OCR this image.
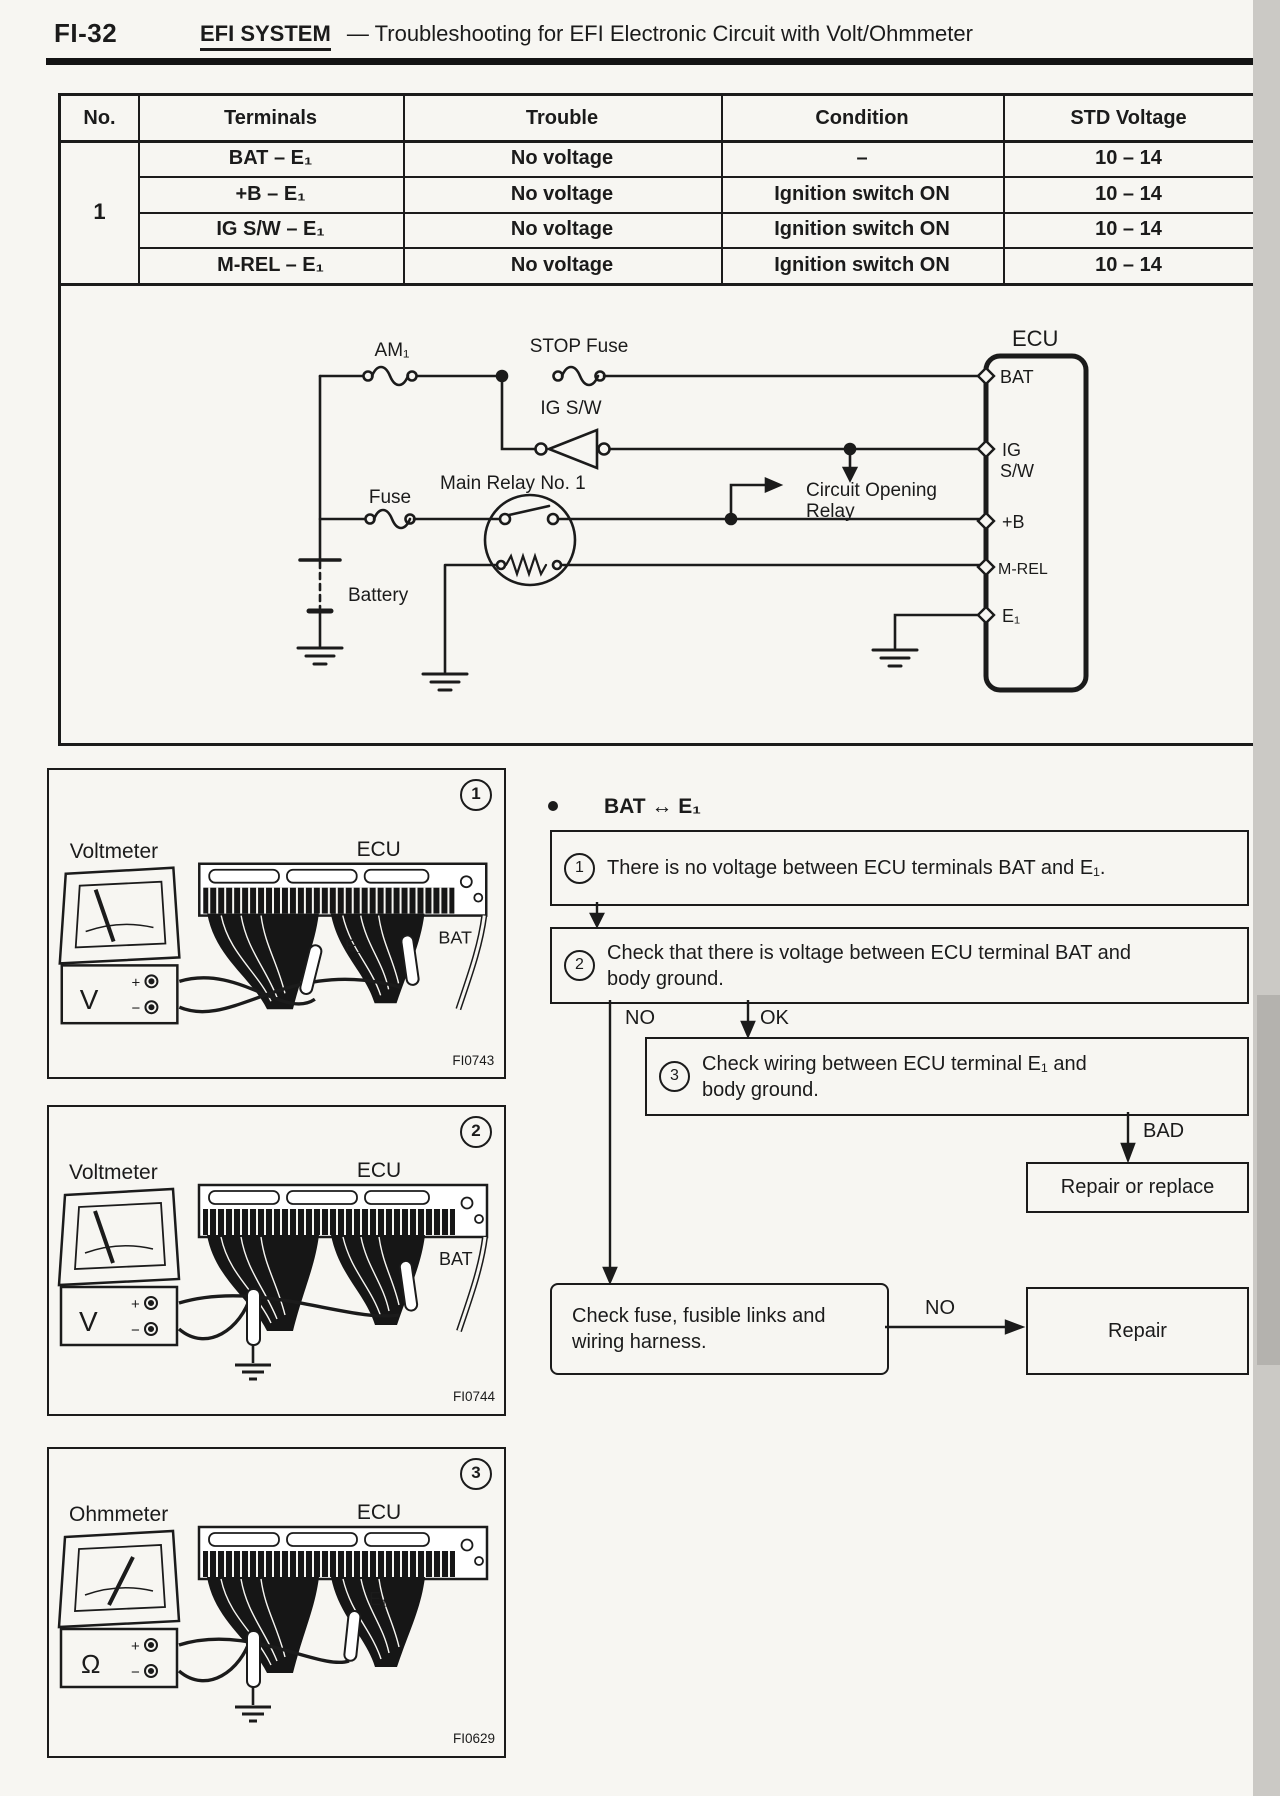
FI-32	EFI SYSTEM — Troubleshooting for EFI Electronic Circuit with Volt/Ohmmeter
No.	Terminals	Trouble	Condition	STD Voltage
1
BAT – E₁	No voltage	–	10 – 14
+B – E₁	No voltage	Ignition switch ON	10 – 14
IG S/W – E₁	No voltage	Ignition switch ON	10 – 14
M-REL – E₁	No voltage	Ignition switch ON	10 – 14
AM₁	STOP Fuse
IG S/W
Main Relay No. 1
Fuse
Battery
Circuit Opening
Relay
ECU
BAT
IG
S/W
+B
M-REL
E₁
BAT ↔ E₁
1	There is no voltage between ECU terminals BAT and E₁.
2
Check that there is voltage between ECU terminal BAT and
body ground.
NO	OK
3
Check wiring between ECU terminal E₁ and
body ground.
BAD
Repair or replace
Check fuse, fusible links and
wiring harness.
NO
Repair
1
Voltmeter
V
+
−
ECU
E₁	BAT
FI0743
2
Voltmeter
V
+
−
ECU
BAT
FI0744
3
Ohmmeter
Ω
+
−
ECU
E₁
FI0629
